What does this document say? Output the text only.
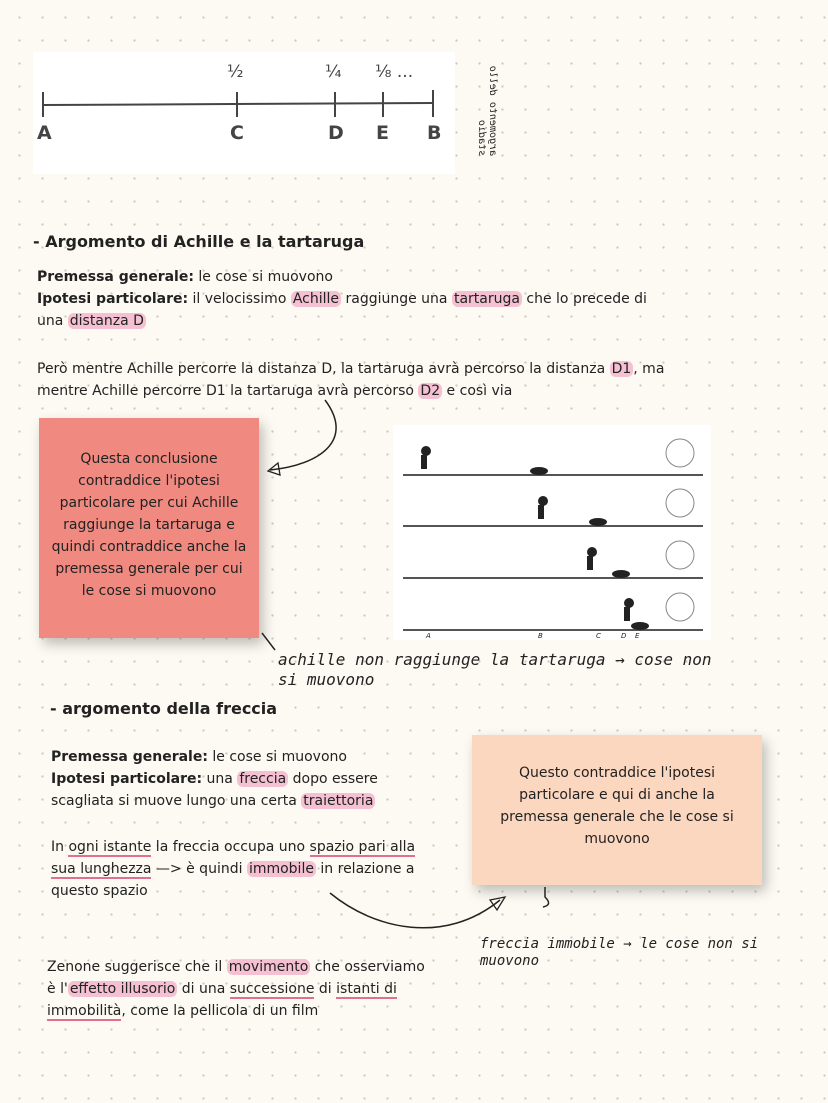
½	¼ ⅛ ...
A	C	D E B	argomento dello stadio
- Argomento di Achille e la tartaruga

Premessa generale: le cose si muovono

Ipotesi particolare: il velocissimo Achille raggiunge una tartaruga che lo precede di una distanza D

Però mentre Achille percorre la distanza D, la tartaruga avrà percorso la distanza D1 , ma mentre Achille percorre D1 la tartaruga avrà percorso D2 e così via

Questa conclusione contraddice l'ipotesi particolare per cui Achille raggiunge la tartaruga e quindi contraddice anche la premessa generale per cui le cose si muovono
A	B	C	D E
achille non raggiunge la tartaruga → cose non si muovono
- argomento della freccia

Premessa generale: le cose si muovono

Ipotesi particolare: una freccia dopo essere scagliata si muove lungo una certa traiettoria

In ogni istante la freccia occupa uno spazio pari alla sua lunghezza —> è quindi immobile in relazione a questo spazio

Questo contraddice l'ipotesi particolare e qui di anche la premessa generale che le cose si muovono
freccia immobile → le cose non si muovono

Zenone suggerisce che il movimento che osserviamo è l' effetto illusorio di una successione di istanti di immobilità, come la pellicola di un film
